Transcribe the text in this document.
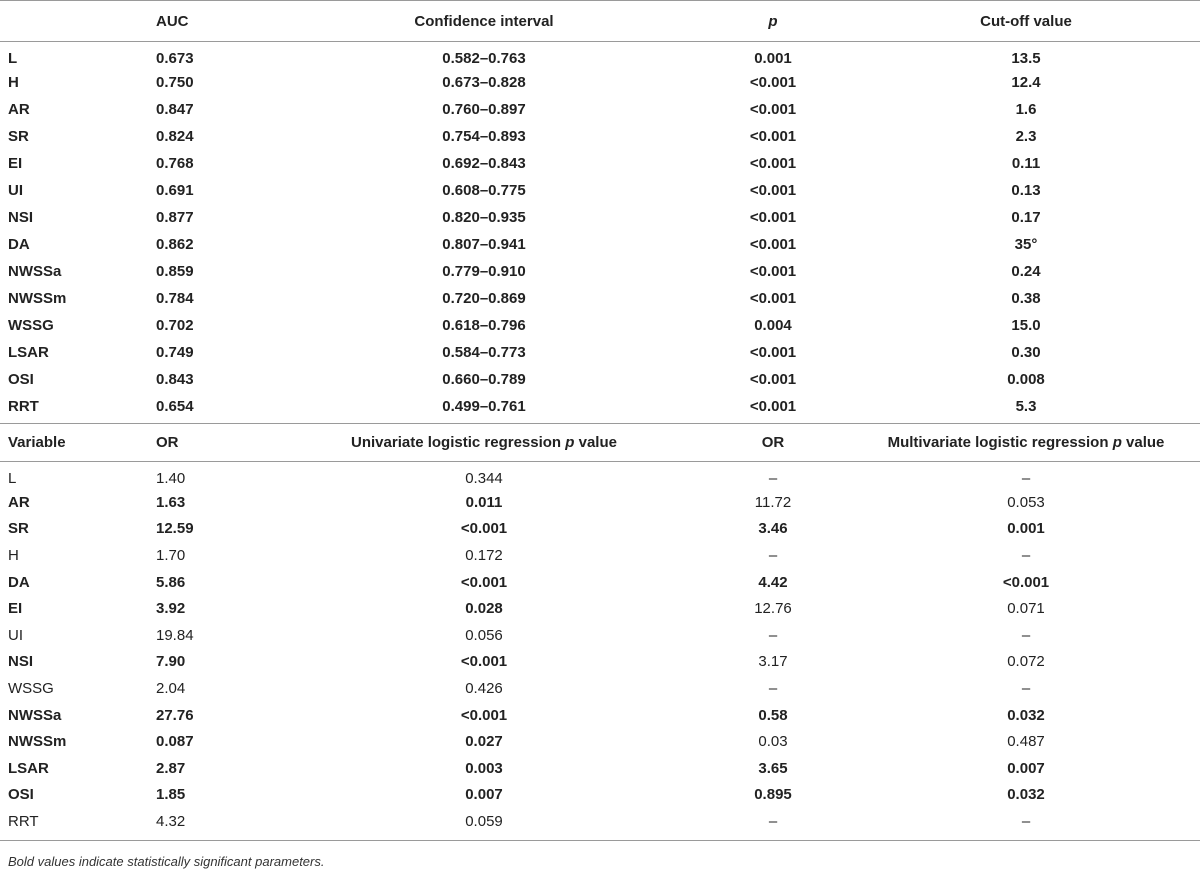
	AUC	Confidence interval	p	Cut-off value
L	0.673	0.582–0.763	0.001	13.5
H	0.750	0.673–0.828	<0.001	12.4
AR	0.847	0.760–0.897	<0.001	1.6
SR	0.824	0.754–0.893	<0.001	2.3
EI	0.768	0.692–0.843	<0.001	0.11
UI	0.691	0.608–0.775	<0.001	0.13
NSI	0.877	0.820–0.935	<0.001	0.17
DA	0.862	0.807–0.941	<0.001	35°
NWSSa	0.859	0.779–0.910	<0.001	0.24
NWSSm	0.784	0.720–0.869	<0.001	0.38
WSSG	0.702	0.618–0.796	0.004	15.0
LSAR	0.749	0.584–0.773	<0.001	0.30
OSI	0.843	0.660–0.789	<0.001	0.008
RRT	0.654	0.499–0.761	<0.001	5.3
Variable	OR	Univariate logistic regression p value	OR	Multivariate logistic regression p value
L	1.40	0.344	–	–
AR	1.63	0.011	11.72	0.053
SR	12.59	<0.001	3.46	0.001
H	1.70	0.172	–	–
DA	5.86	<0.001	4.42	<0.001
EI	3.92	0.028	12.76	0.071
UI	19.84	0.056	–	–
NSI	7.90	<0.001	3.17	0.072
WSSG	2.04	0.426	–	–
NWSSa	27.76	<0.001	0.58	0.032
NWSSm	0.087	0.027	0.03	0.487
LSAR	2.87	0.003	3.65	0.007
OSI	1.85	0.007	0.895	0.032
RRT	4.32	0.059	–	–
Bold values indicate statistically significant parameters.
